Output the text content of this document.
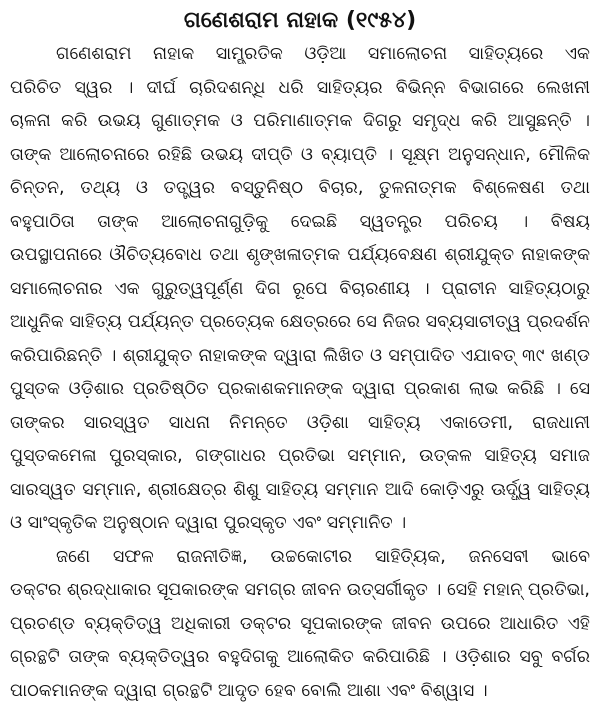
ଗଣେଶରାମ ନାହାକ (୧୯୫୪)
ଗଣେଶରାମ ନାହାକ ସାମ୍ପ୍ରତିକ ଓଡ଼ିଆ ସମାଲୋଚନା ସାହିତ୍ୟରେ ଏକ
ପରିଚିତ ସ୍ୱର । ଦୀର୍ଘ ଚାରିଦଶନ୍ଧି ଧରି ସାହିତ୍ୟର ବିଭିନ୍ନ ବିଭାଗରେ ଲେଖନୀ
ଚାଳନା କରି ଉଭୟ ଗୁଣାତ୍ମକ ଓ ପରିମାଣାତ୍ମକ ଦିଗରୁ ସମୃଦ୍ଧ କରି ଆସୁଛନ୍ତି ।
ତାଙ୍କ ଆଲୋଚନାରେ ରହିଛି ଉଭୟ ଦୀପ୍ତି ଓ ବ୍ୟାପ୍ତି । ସୂକ୍ଷ୍ମ ଅନୁସନ୍ଧାନ, ମୌଳିକ
ଚିନ୍ତନ, ତଥ୍ୟ ଓ ତତ୍ତ୍ୱର ବସ୍ତୁନିଷ୍ଠ ବିଚାର, ତୁଳନାତ୍ମକ ବିଶ୍ଳେଷଣ ତଥା
ବହୁପାଠିତା ତାଙ୍କ ଆଲୋଚନାଗୁଡ଼ିକୁ ଦେଇଛି ସ୍ୱତନ୍ତ୍ର ପରିଚୟ । ବିଷୟ
ଉପସ୍ଥାପନାରେ ଔଚିତ୍ୟବୋଧ ତଥା ଶୃଙ୍ଖଳାତ୍ମକ ପର୍ଯ୍ୟବେକ୍ଷଣ ଶ୍ରୀଯୁକ୍ତ ନାହାକଙ୍କ
ସମାଲୋଚନାର ଏକ ଗୁରୁତ୍ୱପୂର୍ଣ୍ଣ ଦିଗ ରୂପେ ବିଚାରଣୀୟ । ପ୍ରାଚୀନ ସାହିତ୍ୟଠାରୁ
ଆଧୁନିକ ସାହିତ୍ୟ ପର୍ଯ୍ୟନ୍ତ ପ୍ରତ୍ୟେକ କ୍ଷେତ୍ରରେ ସେ ନିଜର ସବ୍ୟସାଚୀତ୍ୱ ପ୍ରଦର୍ଶନ
କରିପାରିଛନ୍ତି । ଶ୍ରୀଯୁକ୍ତ ନାହାକଙ୍କ ଦ୍ୱାରା ଲିଖିତ ଓ ସମ୍ପାଦିତ ଏଯାବତ୍ ୩୯ ଖଣ୍ଡ
ପୁସ୍ତକ ଓଡ଼ିଶାର ପ୍ରତିଷ୍ଠିତ ପ୍ରକାଶକମାନଙ୍କ ଦ୍ୱାରା ପ୍ରକାଶ ଲାଭ କରିଛି । ସେ
ତାଙ୍କର ସାରସ୍ୱତ ସାଧନା ନିମନ୍ତେ ଓଡ଼ିଶା ସାହିତ୍ୟ ଏକାଡେମୀ, ରାଜଧାନୀ
ପୁସ୍ତକମେଳା ପୁରସ୍କାର, ଗଙ୍ଗାଧର ପ୍ରତିଭା ସମ୍ମାନ, ଉତ୍କଳ ସାହିତ୍ୟ ସମାଜ
ସାରସ୍ୱତ ସମ୍ମାନ, ଶ୍ରୀକ୍ଷେତ୍ର ଶିଶୁ ସାହିତ୍ୟ ସମ୍ମାନ ଆଦି କୋଡ଼ିଏରୁ ଊର୍ଦ୍ଧ୍ୱ ସାହିତ୍ୟ
ଓ ସାଂସ୍କୃତିକ ଅନୁଷ୍ଠାନ ଦ୍ୱାରା ପୁରସ୍କୃତ ଏବଂ ସମ୍ମାନିତ ।
ଜଣେ ସଫଳ ରାଜନୀତିଜ୍ଞ, ଉଚ୍ଚକୋଟୀର ସାହିତ୍ୟିକ, ଜନସେବୀ ଭାବେ
ଡକ୍ଟର ଶ୍ରଦ୍ଧାକାର ସୂପକାରଙ୍କ ସମଗ୍ର ଜୀବନ ଉତ୍ସର୍ଗୀକୃତ । ସେହି ମହାନ୍ ପ୍ରତିଭା,
ପ୍ରଚଣ୍ଡ ବ୍ୟକ୍ତିତ୍ୱ ଅଧିକାରୀ ଡକ୍ଟର ସୂପକାରଙ୍କ ଜୀବନ ଉପରେ ଆଧାରିତ ଏହି
ଗ୍ରନ୍ଥଟି ତାଙ୍କ ବ୍ୟକ୍ତିତ୍ୱର ବହୁଦିଗକୁ ଆଲୋକିତ କରିପାରିଛି । ଓଡ଼ିଶାର ସବୁ ବର୍ଗର
ପାଠକମାନଙ୍କ ଦ୍ୱାରା ଗ୍ରନ୍ଥଟି ଆଦୃତ ହେବ ବୋଲି ଆଶା ଏବଂ ବିଶ୍ୱାସ ।
